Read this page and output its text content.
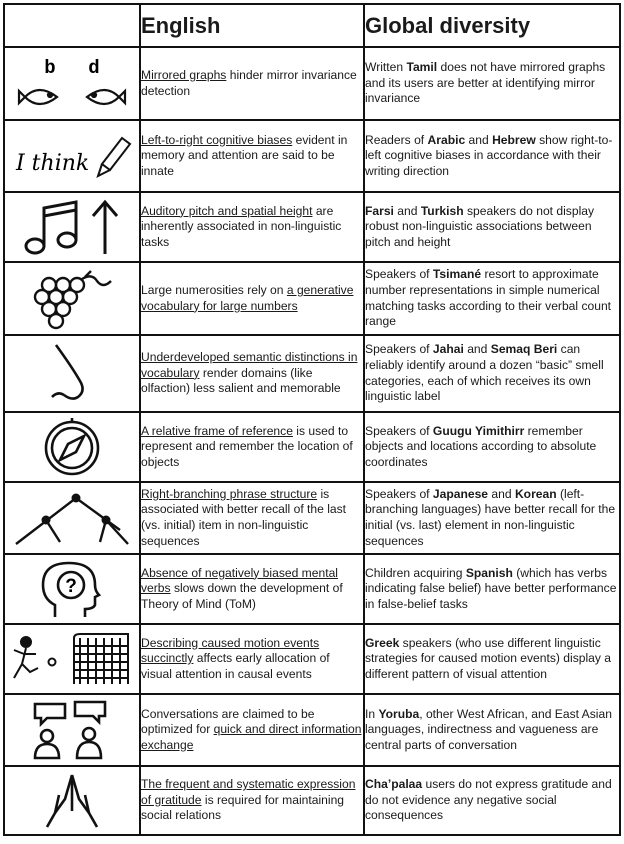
	English	Global diversity

b d	Mirrored graphs hinder mirror invariance detection	Written Tamil does not have mirrored graphs and its users are better at identifying mirror invariance

I think	Left-to-right cognitive biases evident in memory and attention are said to be innate	Readers of Arabic and Hebrew show right-to-left cognitive biases in accordance with their writing direction

	Auditory pitch and spatial height are inherently associated in non-linguistic tasks	Farsi and Turkish speakers do not display robust non-linguistic associations between pitch and height

	Large numerosities rely on a generative vocabulary for large numbers	Speakers of Tsimané resort to approximate number representations in simple numerical matching tasks according to their verbal count range

	Underdeveloped semantic distinctions in vocabulary render domains (like olfaction) less salient and memorable	Speakers of Jahai and Semaq Beri can reliably identify around a dozen “basic” smell categories, each of which receives its own linguistic label

	A relative frame of reference is used to represent and remember the location of objects	Speakers of Guugu Yimithirr remember objects and locations according to absolute coordinates

	Right-branching phrase structure is associated with better recall of the last (vs. initial) item in non-linguistic sequences	Speakers of Japanese and Korean (left-branching languages) have better recall for the initial (vs. last) element in non-linguistic sequences

?	Absence of negatively biased mental verbs slows down the development of Theory of Mind (ToM)	Children acquiring Spanish (which has verbs indicating false belief) have better performance in false-belief tasks

	Describing caused motion events succinctly affects early allocation of visual attention in causal events	Greek speakers (who use different linguistic strategies for caused motion events) display a different pattern of visual attention

	Conversations are claimed to be optimized for quick and direct information exchange	In Yoruba, other West African, and East Asian languages, indirectness and vagueness are central parts of conversation

	The frequent and systematic expression of gratitude is required for maintaining social relations	Cha’palaa users do not express gratitude and do not evidence any negative social consequences
